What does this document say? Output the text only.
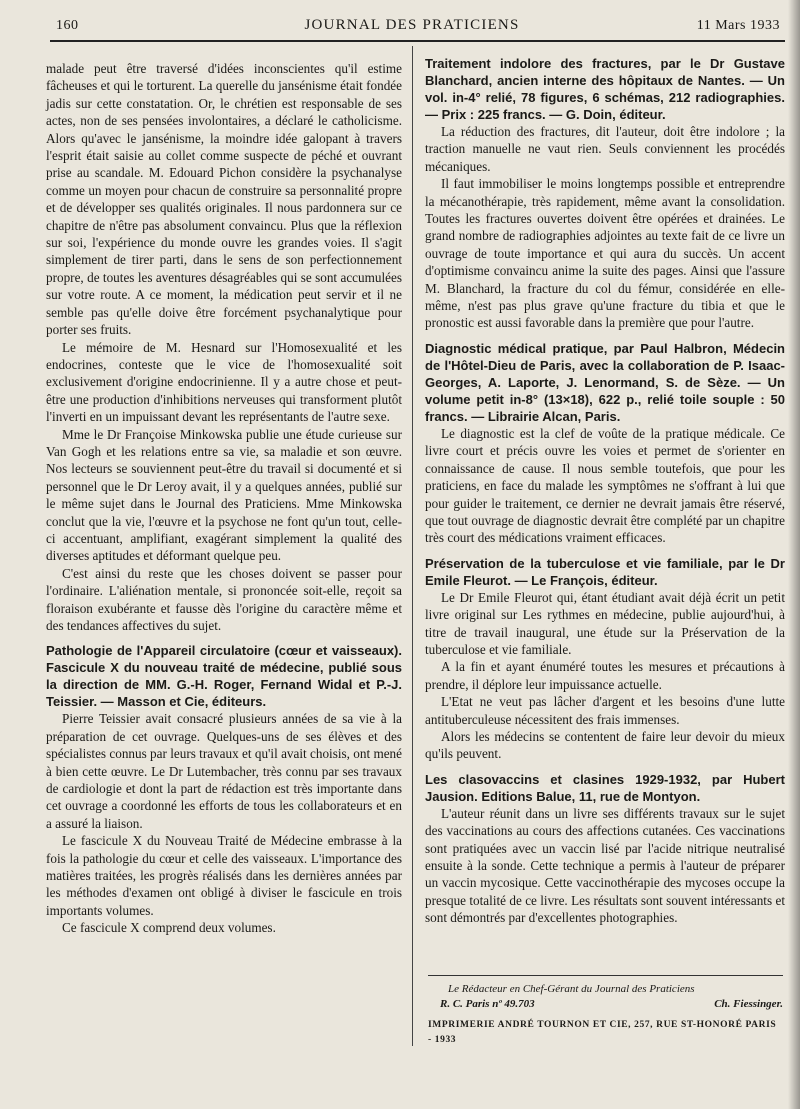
160	JOURNAL DES PRATICIENS	11 Mars 1933

malade peut être traversé d'idées inconscientes qu'il estime fâcheuses et qui le torturent. La querelle du jansénisme était fondée jadis sur cette constatation. Or, le chrétien est responsable de ses actes, non de ses pensées involontaires, a déclaré le catholicisme. Alors qu'avec le jansénisme, la moindre idée galopant à travers l'esprit était saisie au collet comme suspecte de péché et ouvrant prise au scandale. M. Edouard Pichon considère la psychanalyse comme un moyen pour chacun de construire sa personnalité propre et de développer ses qualités originales. Il nous pardonnera sur ce chapitre de n'être pas absolument convaincu. Plus que la réflexion sur soi, l'expérience du monde ouvre les grandes voies. Il s'agit simplement de tirer parti, dans le sens de son perfectionnement propre, de toutes les aventures désagréables qui se sont accumulées sur votre route. A ce moment, la médication peut servir et il ne semble pas qu'elle doive être forcément psychanalytique pour porter ses fruits.

Le mémoire de M. Hesnard sur l'Homosexualité et les endocrines, conteste que le vice de l'homosexualité soit exclusivement d'origine endocrinienne. Il y a autre chose et peut-être une production d'inhibitions nerveuses qui transforment plutôt l'inverti en un impuissant devant les représentants de l'autre sexe.

Mme le Dr Françoise Minkowska publie une étude curieuse sur Van Gogh et les relations entre sa vie, sa maladie et son œuvre. Nos lecteurs se souviennent peut-être du travail si documenté et si personnel que le Dr Leroy avait, il y a quelques années, publié sur le même sujet dans le Journal des Praticiens. Mme Minkowska conclut que la vie, l'œuvre et la psychose ne font qu'un tout, celle-ci accentuant, amplifiant, exagérant simplement la qualité des diverses aptitudes et déformant quelque peu.

C'est ainsi du reste que les choses doivent se passer pour l'ordinaire. L'aliénation mentale, si prononcée soit-elle, reçoit sa floraison exubérante et fausse dès l'origine du caractère même et des tendances affectives du sujet.

Pathologie de l'Appareil circulatoire (cœur et vaisseaux). Fascicule X du nouveau traité de médecine, publié sous la direction de MM. G.-H. Roger, Fernand Widal et P.-J. Teissier. — Masson et Cie, éditeurs.

Pierre Teissier avait consacré plusieurs années de sa vie à la préparation de cet ouvrage. Quelques-uns de ses élèves et des spécialistes connus par leurs travaux et qu'il avait choisis, ont mené à bien cette œuvre. Le Dr Lutembacher, très connu par ses travaux de cardiologie et dont la part de rédaction est très importante dans cet ouvrage a coordonné les efforts de tous les collaborateurs et en a assuré la liaison.

Le fascicule X du Nouveau Traité de Médecine embrasse à la fois la pathologie du cœur et celle des vaisseaux. L'importance des matières traitées, les progrès réalisés dans les dernières années par les méthodes d'examen ont obligé à diviser le fascicule en trois importants volumes.

Ce fascicule X comprend deux volumes.

Traitement indolore des fractures, par le Dr Gustave Blanchard, ancien interne des hôpitaux de Nantes. — Un vol. in-4° relié, 78 figures, 6 schémas, 212 radiographies. — Prix : 225 francs. — G. Doin, éditeur.

La réduction des fractures, dit l'auteur, doit être indolore ; la traction manuelle ne vaut rien. Seuls conviennent les procédés mécaniques.

Il faut immobiliser le moins longtemps possible et entreprendre la mécanothérapie, très rapidement, même avant la consolidation. Toutes les fractures ouvertes doivent être opérées et drainées. Le grand nombre de radiographies adjointes au texte fait de ce livre un ouvrage de toute importance et qui aura du succès. Un accent d'optimisme convaincu anime la suite des pages. Ainsi que l'assure M. Blanchard, la fracture du col du fémur, considérée en elle-même, n'est pas plus grave qu'une fracture du tibia et que le pronostic est aussi favorable dans la première que pour l'autre.

Diagnostic médical pratique, par Paul Halbron, Médecin de l'Hôtel-Dieu de Paris, avec la collaboration de P. Isaac-Georges, A. Laporte, J. Lenormand, S. de Sèze. — Un volume petit in-8° (13×18), 622 p., relié toile souple : 50 francs. — Librairie Alcan, Paris.

Le diagnostic est la clef de voûte de la pratique médicale. Ce livre court et précis ouvre les voies et permet de s'orienter en connaissance de cause. Il nous semble toutefois, que pour les praticiens, en face du malade les symptômes ne s'offrant à lui que pour guider le traitement, ce dernier ne devrait jamais être réservé, que tout ouvrage de diagnostic devrait être complété par un chapitre très court des médications vraiment efficaces.

Préservation de la tuberculose et vie familiale, par le Dr Emile Fleurot. — Le François, éditeur.

Le Dr Emile Fleurot qui, étant étudiant avait déjà écrit un petit livre original sur Les rythmes en médecine, publie aujourd'hui, à titre de travail inaugural, une étude sur la Préservation de la tuberculose et vie familiale.

A la fin et ayant énuméré toutes les mesures et précautions à prendre, il déplore leur impuissance actuelle.

L'Etat ne veut pas lâcher d'argent et les besoins d'une lutte antituberculeuse nécessitent des frais immenses.

Alors les médecins se contentent de faire leur devoir du mieux qu'ils peuvent.

Les clasovaccins et clasines 1929-1932, par Hubert Jausion. Editions Balue, 11, rue de Montyon.

L'auteur réunit dans un livre ses différents travaux sur le sujet des vaccinations au cours des affections cutanées. Ces vaccinations sont pratiquées avec un vaccin lisé par l'acide nitrique neutralisé ensuite à la sonde. Cette technique a permis à l'auteur de préparer un vaccin mycosique. Cette vaccinothérapie des mycoses occupe la presque totalité de ce livre. Les résultats sont souvent intéressants et sont démontrés par d'excellentes photographies.

Le Rédacteur en Chef-Gérant du Journal des Praticiens
R. C. Paris nº 49.703	Ch. Fiessinger.
IMPRIMERIE ANDRÉ TOURNON ET CIE, 257, RUE ST-HONORÉ PARIS - 1933
